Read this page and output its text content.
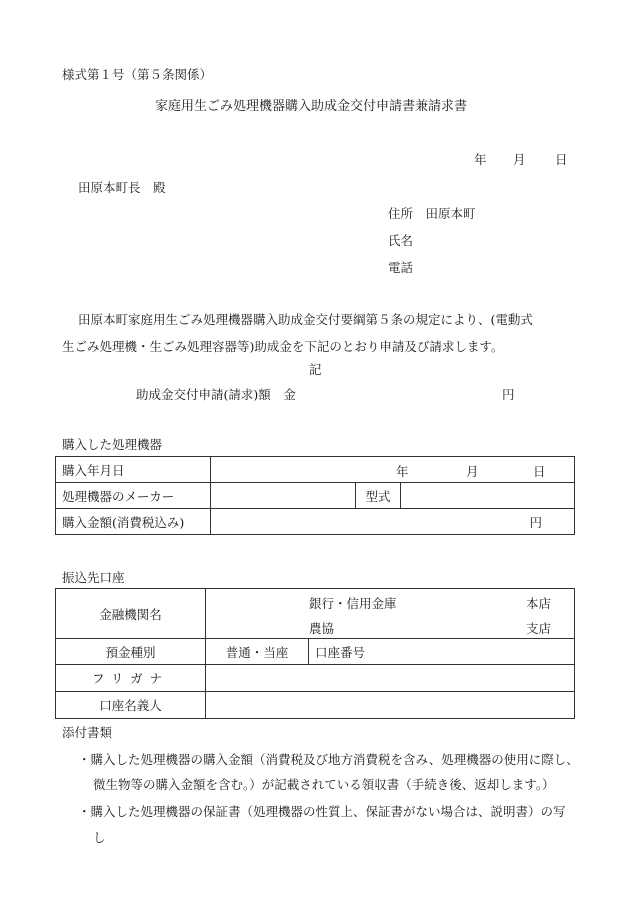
様式第１号（第５条関係）
家庭用生ごみ処理機器購入助成金交付申請書兼請求書
年 月 日
田原本町長　殿
住所　田原本町
氏名
電話
田原本町家庭用生ごみ処理機器購入助成金交付要綱第５条の規定により、(電動式
生ごみ処理機・生ごみ処理容器等)助成金を下記のとおり申請及び請求します。
記
助成金交付申請(請求)額　金	円
購入した処理機器
購入年月日	年 月 日		

処理機器のメーカー		型式	
購入金額(消費税込み)	円		
振込先口座
金融機関名	銀行・信用金庫 本店	

	農協 支店	

預金種別	普通・当座	口座番号
フリガナ		
口座名義人		
添付書類
・購入した処理機器の購入金額（消費税及び地方消費税を含み、処理機器の使用に際し、
微生物等の購入金額を含む。）が記載されている領収書（手続き後、返却します。）
・購入した処理機器の保証書（処理機器の性質上、保証書がない場合は、説明書）の写
し
